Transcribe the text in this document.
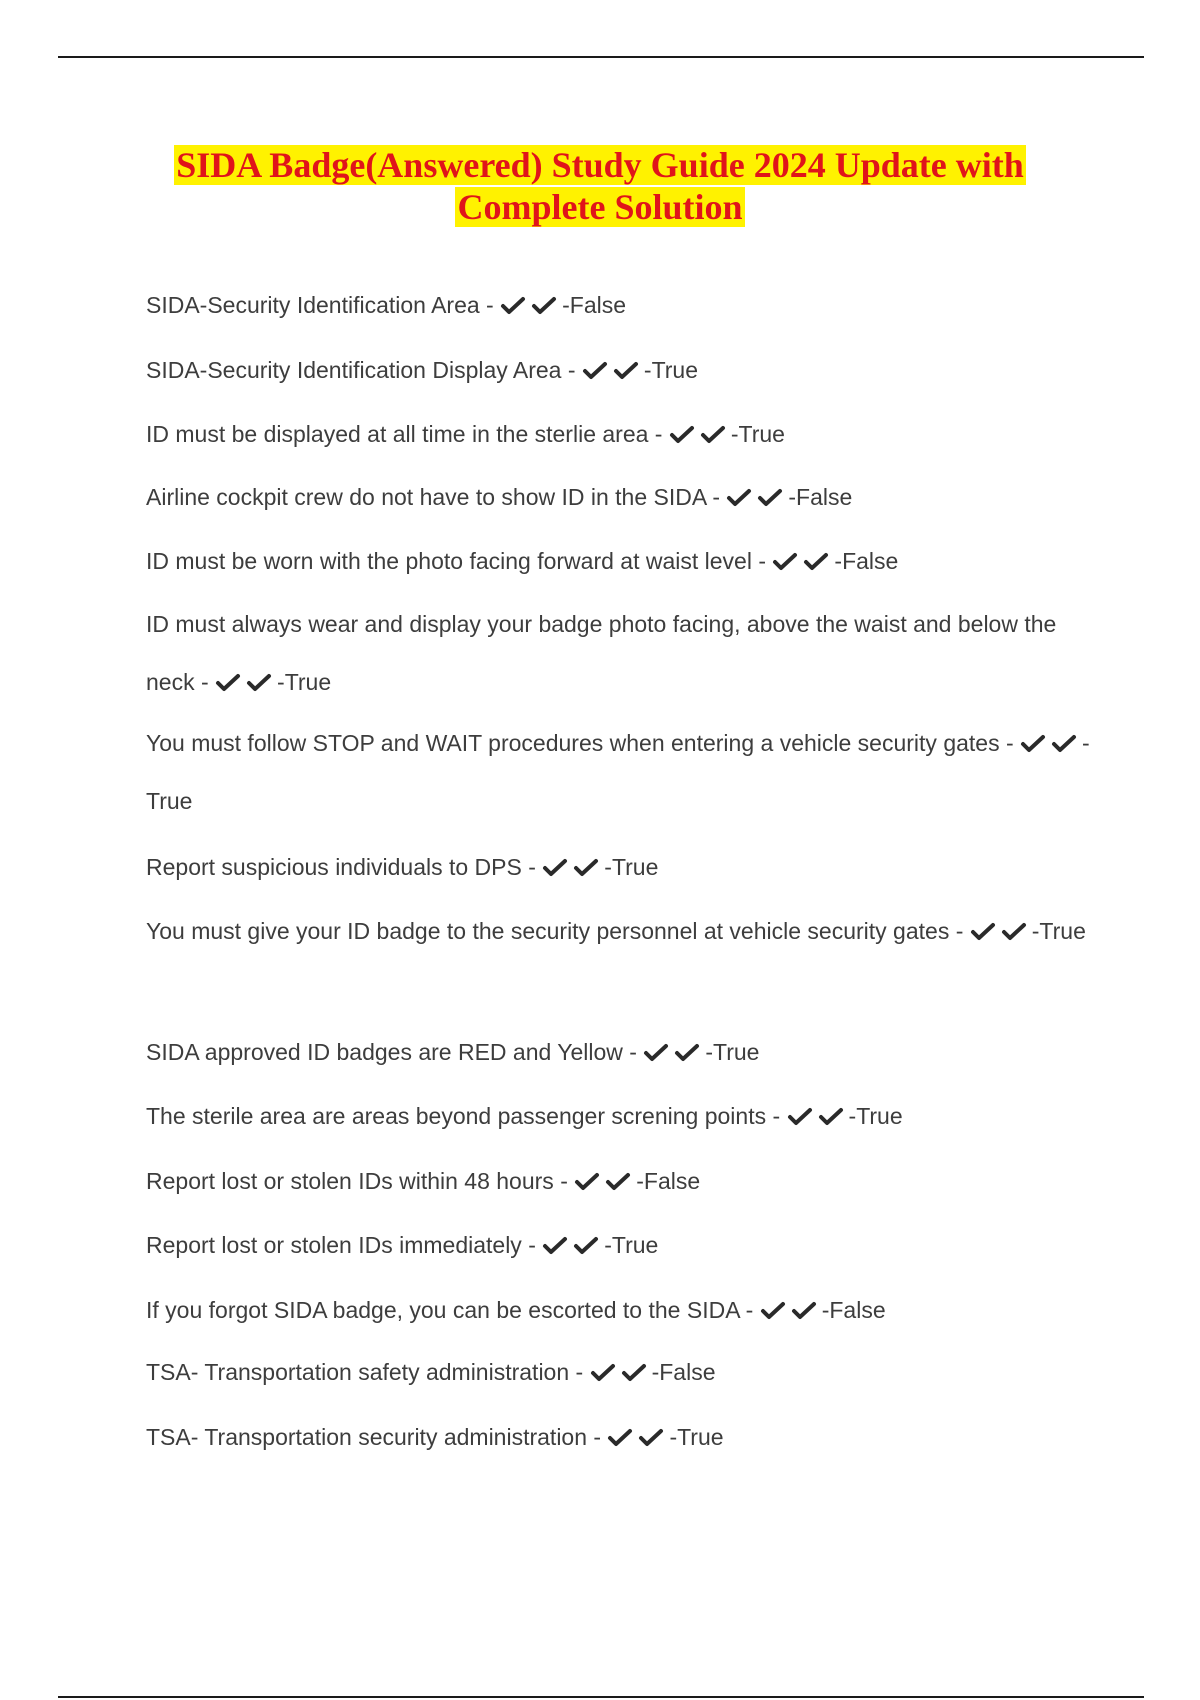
SIDA Badge(Answered) Study Guide 2024 Update with
Complete Solution
SIDA-Security Identification Area -	-False
SIDA-Security Identification Display Area -	-True
ID must be displayed at all time in the sterlie area -	-True
Airline cockpit crew do not have to show ID in the SIDA -	-False
ID must be worn with the photo facing forward at waist level -	-False
ID must always wear and display your badge photo facing, above the waist and below the neck -	-True
You must follow STOP and WAIT procedures when entering a vehicle security gates -	-True
Report suspicious individuals to DPS -	-True
You must give your ID badge to the security personnel at vehicle security gates -	-True
SIDA approved ID badges are RED and Yellow -	-True
The sterile area are areas beyond passenger screning points -	-True
Report lost or stolen IDs within 48 hours -	-False
Report lost or stolen IDs immediately -	-True
If you forgot SIDA badge, you can be escorted to the SIDA -	-False
TSA- Transportation safety administration -	-False
TSA- Transportation security administration -	-True
